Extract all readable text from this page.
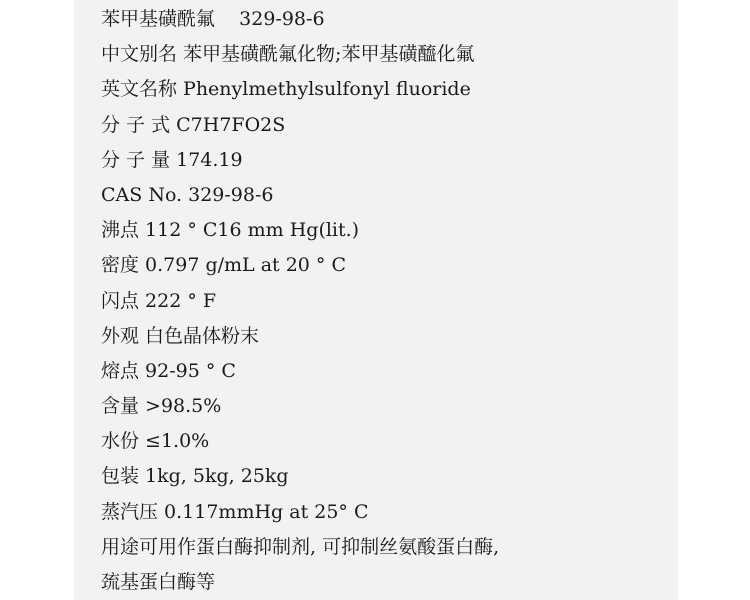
苯甲基磺酰氟    329-98-6
中文别名 苯甲基磺酰氟化物;苯甲基磺醯化氟
英文名称 Phenylmethylsulfonyl fluoride
分 子 式 C7H7FO2S
分 子 量 174.19
CAS No. 329-98-6
沸点 112 ° C16 mm Hg(lit.)
密度 0.797 g/mL at 20 ° C
闪点 222 ° F
外观 白色晶体粉末
熔点 92-95 ° C
含量 >98.5%
水份 ≤1.0%
包装 1kg, 5kg, 25kg
蒸汽压 0.117mmHg at 25° C
用途可用作蛋白酶抑制剂, 可抑制丝氨酸蛋白酶,
巯基蛋白酶等
